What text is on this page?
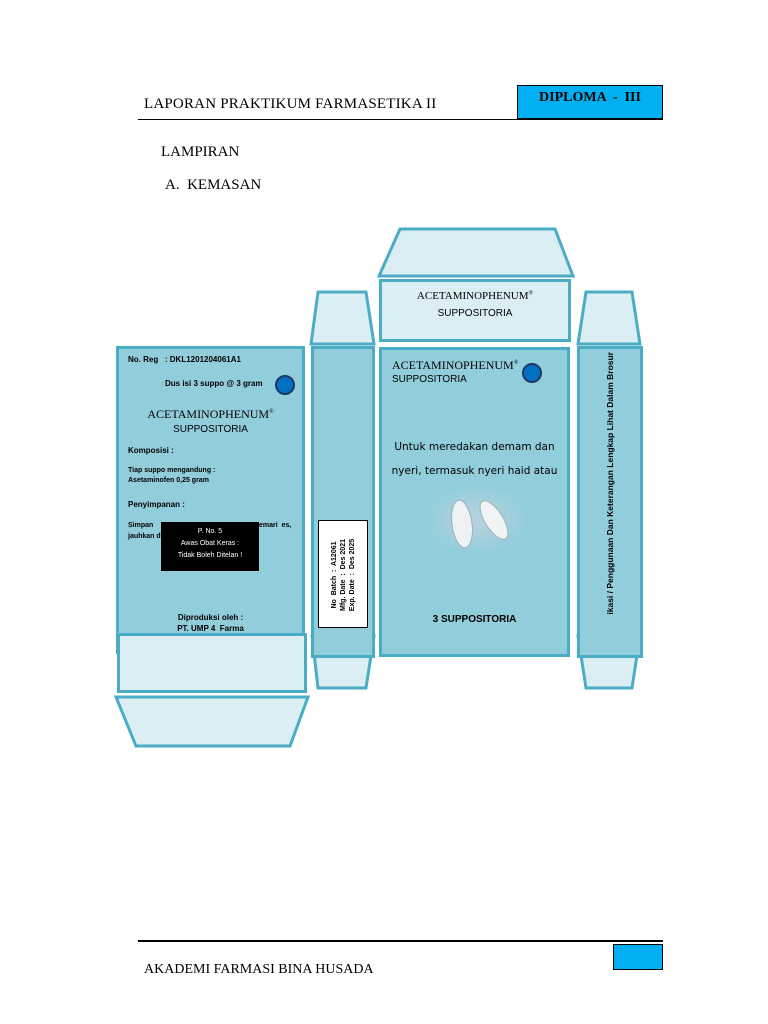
LAPORAN PRAKTIKUM FARMASETIKA II	DIPLOMA  -  III
LAMPIRAN
A.  KEMASAN
ACETAMINOPHENUM®
SUPPOSITORIA
No. Reg   : DKL1201204061A1
Dus isi 3 suppo @ 3 gram
ACETAMINOPHENUM®
SUPPOSITORIA
Komposisi :
Tiap suppo mengandung :
Asetaminofen 0,25 gram
Penyimpanan :
Simpan	emari  es,
jauhkan d
P. No. 5
Awas Obat Keras :
Tidak Boleh Ditelan !
Diproduksi oleh :
PT. UMP 4  Farma
No  Batch  :  A12061 Mfg. Date  :  Des 2021 Exp. Date  :  Des 2025
ACETAMINOPHENUM®
SUPPOSITORIA
Untuk meredakan demam dan
nyeri, termasuk nyeri haid atau
3 SUPPOSITORIA
ikasi / Penggunaan Dan Keterangan Lengkap Lihat Dalam Brosur
AKADEMI FARMASI BINA HUSADA
